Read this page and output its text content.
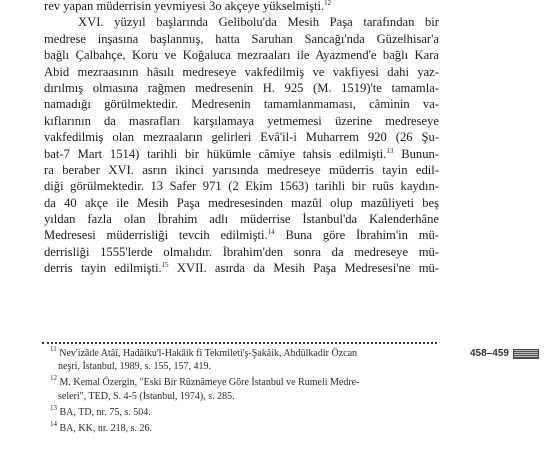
rev yapan müderrisin yevmiyesi 3o akçeye yükselmişti.$^{12}$
XVI. yüzyıl başlarında Gelibolu'da Mesih Paşa tarafından bir
medrese inşasına başlanmış, hatta Saruhan Sancağı'nda Güzelhisar'a
bağlı Çalbahçe, Koru ve Koğaluca mezraaları ile Ayazmend'e bağlı Kara
Abid mezraasının hâsılı medreseye vakfedilmiş ve vakfiyesi dahi yaz-
dırılmış olmasına rağmen medresenin H. 925 (M. 1519)'te tamamla-
namadığı görülmektedir. Medresenin tamamlanmaması, câminin va-
kıflarının da masrafları karşılamaya yetmemesi üzerine medreseye
vakfedilmiş olan mezraaların gelirleri Evâ'il-i Muharrem 920 (26 Şu-
bat-7 Mart 1514) tarihli bir hükümle câmiye tahsis edilmişti.$^{13}$ Bunun-
ra beraber XVI. asrın ikinci yarısında medreseye müderris tayin edil-
diği görülmektedir. 13 Safer 971 (2 Ekim 1563) tarihli bir ruûs kaydın-
da 40 akçe ile Mesih Paşa medresesinden mazûl olup mazûliyeti beş
yıldan fazla olan İbrahim adlı müderrise İstanbul'da Kalenderhâne
Medresesi müderrisliği tevcih edilmişti.$^{14}$ Buna göre İbrahim'in mü-
derrisliği 1555'lerde olmalıdır. İbrahim'den sonra da medreseye mü-
derris tayin edilmişti.$^{15}$ XVII. asırda da Mesih Paşa Medresesi'ne mü-
$^{11}$ Nev'izâde Atâî, Hadâiku'l-Hakâik fî Tekmileti'ş-Şakâik, Abdülkadir Özcan
neşri, İstanbul, 1989, s. 155, 157, 419.
$^{12}$ M. Kemal Özergin, "Eski Bir Rûznâmeye Göre İstanbul ve Rumeli Medre-
seleri", TED, S. 4-5 (İstanbul, 1974), s. 285.
$^{13}$ BA, TD, nr. 75, s. 504.
$^{14}$ BA, KK, nr. 218, s. 26.
458–459
